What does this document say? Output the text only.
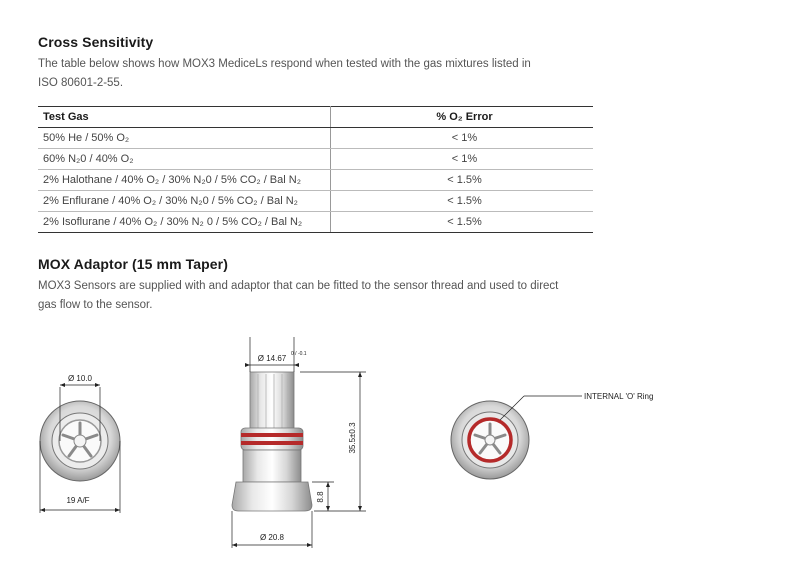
Cross Sensitivity
The table below shows how MOX3 MediceLs respond when tested with the gas mixtures listed in
ISO 80601-2-55.
Test Gas	% O₂ Error
50% He / 50% O₂	< 1%
60% N₂0 / 40% O₂	< 1%
2% Halothane / 40% O₂ / 30% N₂0 / 5% CO₂ / Bal N₂	< 1.5%
2% Enflurane / 40% O₂ / 30% N₂0 / 5% CO₂ / Bal N₂	< 1.5%
2% Isoflurane / 40% O₂ / 30% N₂ 0 / 5% CO₂ / Bal N₂	< 1.5%
MOX Adaptor (15 mm Taper)
MOX3 Sensors are supplied with and adaptor that can be fitted to the sensor thread and used to direct
gas flow to the sensor.
Ø 10.0
19 A/F
Ø 14.67 0 / -0.1
35.5±0.3
8.8
Ø 20.8
INTERNAL 'O' Ring
